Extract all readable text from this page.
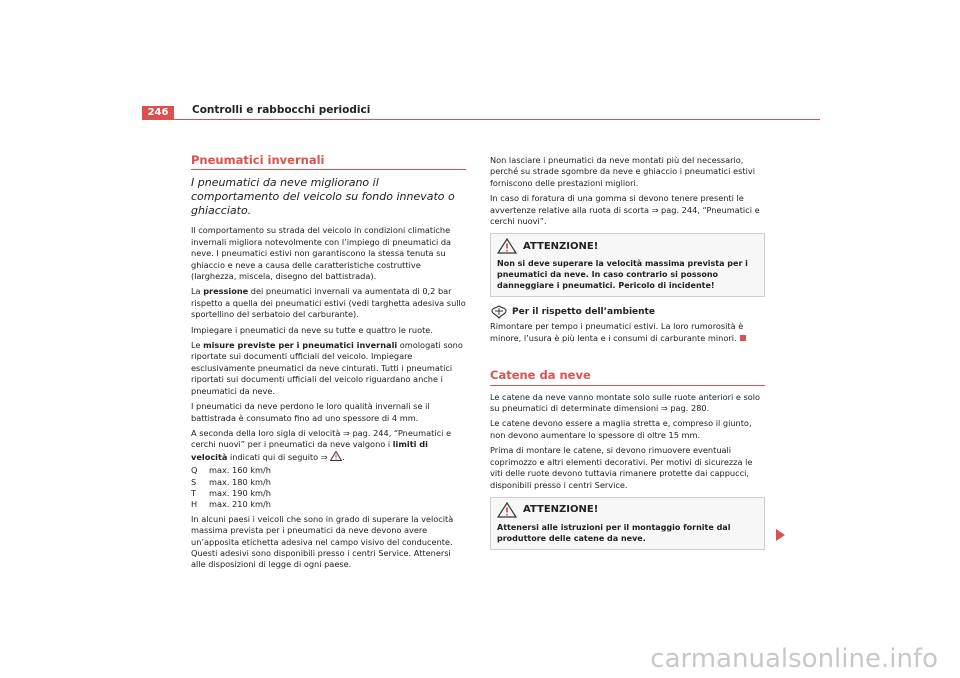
246	Controlli e rabbocchi periodici
Pneumatici invernali
I pneumatici da neve migliorano il comportamento del veicolo su fondo innevato o ghiacciato.

Il comportamento su strada del veicolo in condizioni climatiche invernali migliora notevolmente con l’impiego di pneumatici da neve. I pneumatici estivi non garantiscono la stessa tenuta su ghiaccio e neve a causa delle caratteristiche costruttive (larghezza, miscela, disegno del battistrada).

La pressione dei pneumatici invernali va aumentata di 0,2 bar rispetto a quella dei pneumatici estivi (vedi targhetta adesiva sullo sportellino del serbatoio del carburante).

Impiegare i pneumatici da neve su tutte e quattro le ruote.

Le misure previste per i pneumatici invernali omologati sono riportate sui documenti ufficiali del veicolo. Impiegare esclusivamente pneumatici da neve cinturati. Tutti i pneumatici riportati sui documenti ufficiali del veicolo riguardano anche i pneumatici da neve.

I pneumatici da neve perdono le loro qualità invernali se il battistrada è consumato fino ad uno spessore di 4 mm.

A seconda della loro sigla di velocità ⇒ pag. 244, “Pneumatici e cerchi nuovi” per i pneumatici da neve valgono i limiti di velocità indicati qui di seguito ⇒ .

Q	max. 160 km/h
S	max. 180 km/h
T	max. 190 km/h
H	max. 210 km/h

In alcuni paesi i veicoli che sono in grado di superare la velocità massima prevista per i pneumatici da neve devono avere un’apposita etichetta adesiva nel campo visivo del conducente. Questi adesivi sono disponibili presso i centri Service. Attenersi alle disposizioni di legge di ogni paese.

Non lasciare i pneumatici da neve montati più del necessario, perché su strade sgombre da neve e ghiaccio i pneumatici estivi forniscono delle prestazioni migliori.

In caso di foratura di una gomma si devono tenere presenti le avvertenze relative alla ruota di scorta ⇒ pag. 244, “Pneumatici e cerchi nuovi”.

ATTENZIONE!
Non si deve superare la velocità massima prevista per i pneumatici da neve. In caso contrario si possono danneggiare i pneumatici. Pericolo di incidente!
Per il rispetto dell’ambiente

Rimontare per tempo i pneumatici estivi. La loro rumorosità è minore, l’usura è più lenta e i consumi di carburante minori.

Catene da neve

Le catene da neve vanno montate solo sulle ruote anteriori e solo su pneumatici di determinate dimensioni ⇒ pag. 280.

Le catene devono essere a maglia stretta e, compreso il giunto, non devono aumentare lo spessore di oltre 15 mm.

Prima di montare le catene, si devono rimuovere eventuali coprimozzo e altri elementi decorativi. Per motivi di sicurezza le viti delle ruote devono tuttavia rimanere protette dai cappucci, disponibili presso i centri Service.

ATTENZIONE!
Attenersi alle istruzioni per il montaggio fornite dal produttore delle catene da neve.
carmanualsonline.info
